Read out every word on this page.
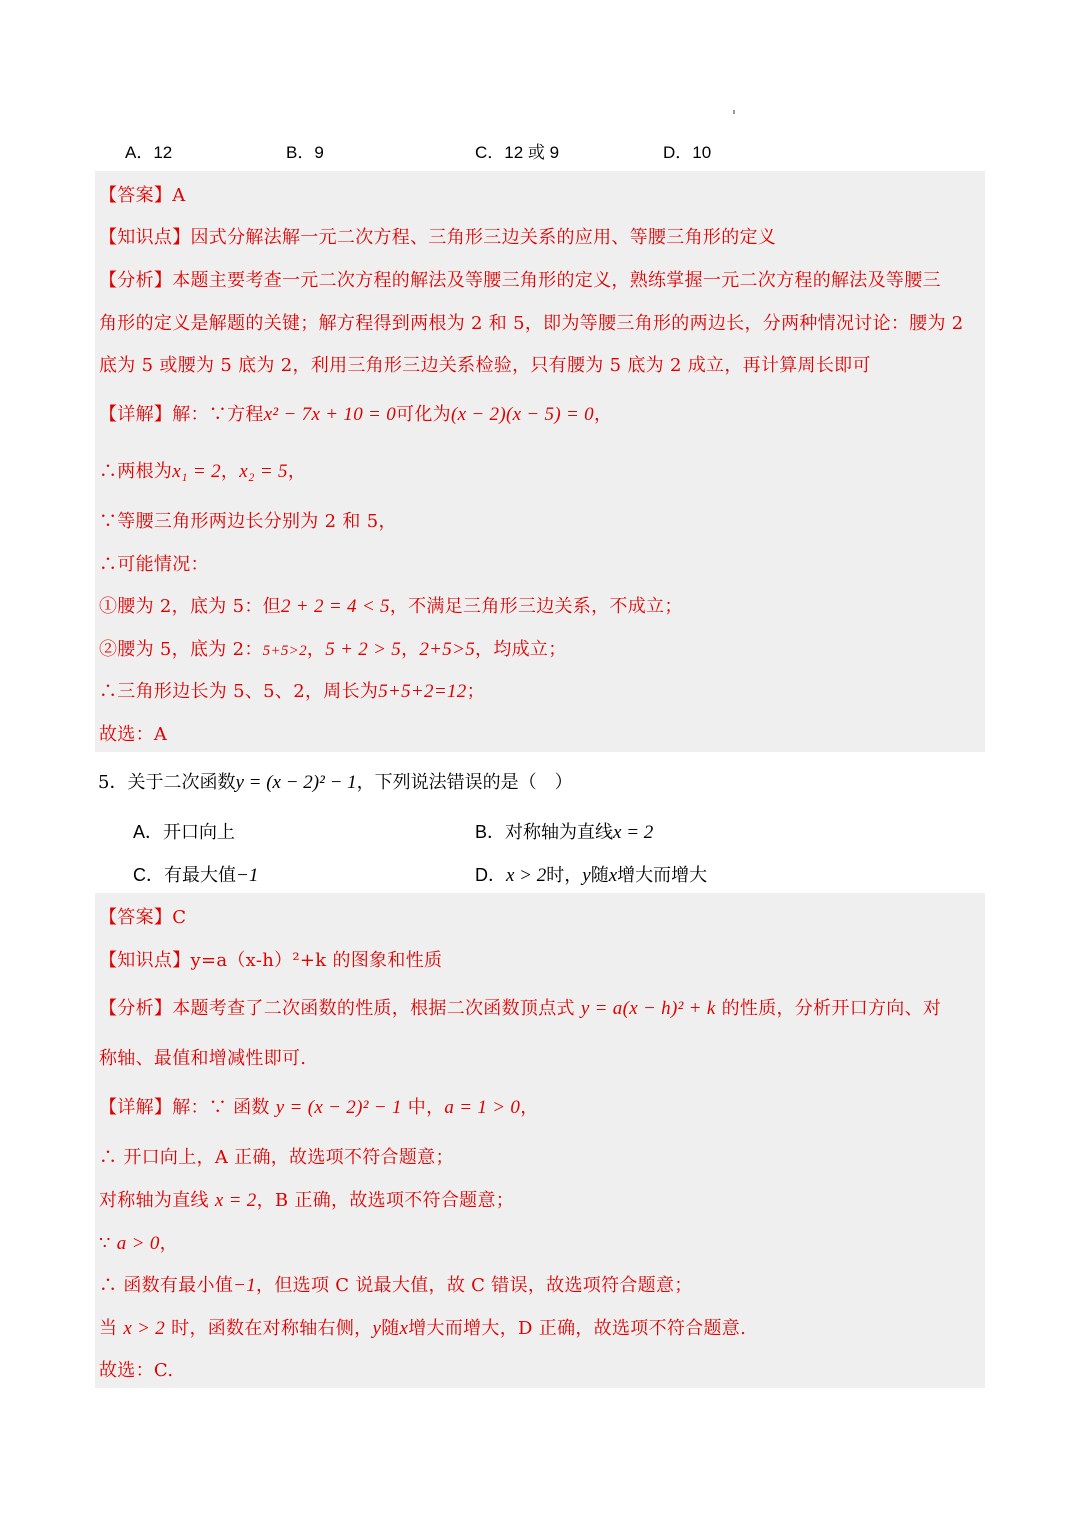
A．12	B．9	C．12 或 9	D．10
【答案】A
【知识点】因式分解法解一元二次方程、三角形三边关系的应用、等腰三角形的定义
【分析】本题主要考查一元二次方程的解法及等腰三角形的定义，熟练掌握一元二次方程的解法及等腰三
角形的定义是解题的关键；解方程得到两根为 2 和 5，即为等腰三角形的两边长，分两种情况讨论：腰为 2
底为 5 或腰为 5 底为 2，利用三角形三边关系检验，只有腰为 5 底为 2 成立，再计算周长即可
【详解】解：∵方程x² − 7x + 10 = 0可化为(x − 2)(x − 5) = 0，
∴两根为x₁ = 2，x₂ = 5，
∵等腰三角形两边长分别为 2 和 5，
∴可能情况：
①腰为 2，底为 5：但2 + 2 = 4 < 5，不满足三角形三边关系，不成立；
②腰为 5，底为 2：5+5>2，5 + 2 > 5，2+5>5，均成立；
∴三角形边长为 5、5、2，周长为5+5+2=12；
故选：A
5．关于二次函数y = (x − 2)² − 1，下列说法错误的是（　）
A．开口向上	B．对称轴为直线x = 2
C．有最大值−1	D．x > 2时，y随x增大而增大
【答案】C
【知识点】y=a（x-h）²+k 的图象和性质
【分析】本题考查了二次函数的性质，根据二次函数顶点式 y = a(x − h)² + k 的性质，分析开口方向、对
称轴、最值和增减性即可.
【详解】解：∵ 函数 y = (x − 2)² − 1 中，a = 1 > 0，
∴ 开口向上，A 正确，故选项不符合题意；
对称轴为直线 x = 2，B 正确，故选项不符合题意；
∵ a > 0，
∴ 函数有最小值−1，但选项 C 说最大值，故 C 错误，故选项符合题意；
当 x > 2 时，函数在对称轴右侧，y随x增大而增大，D 正确，故选项不符合题意.
故选：C.
